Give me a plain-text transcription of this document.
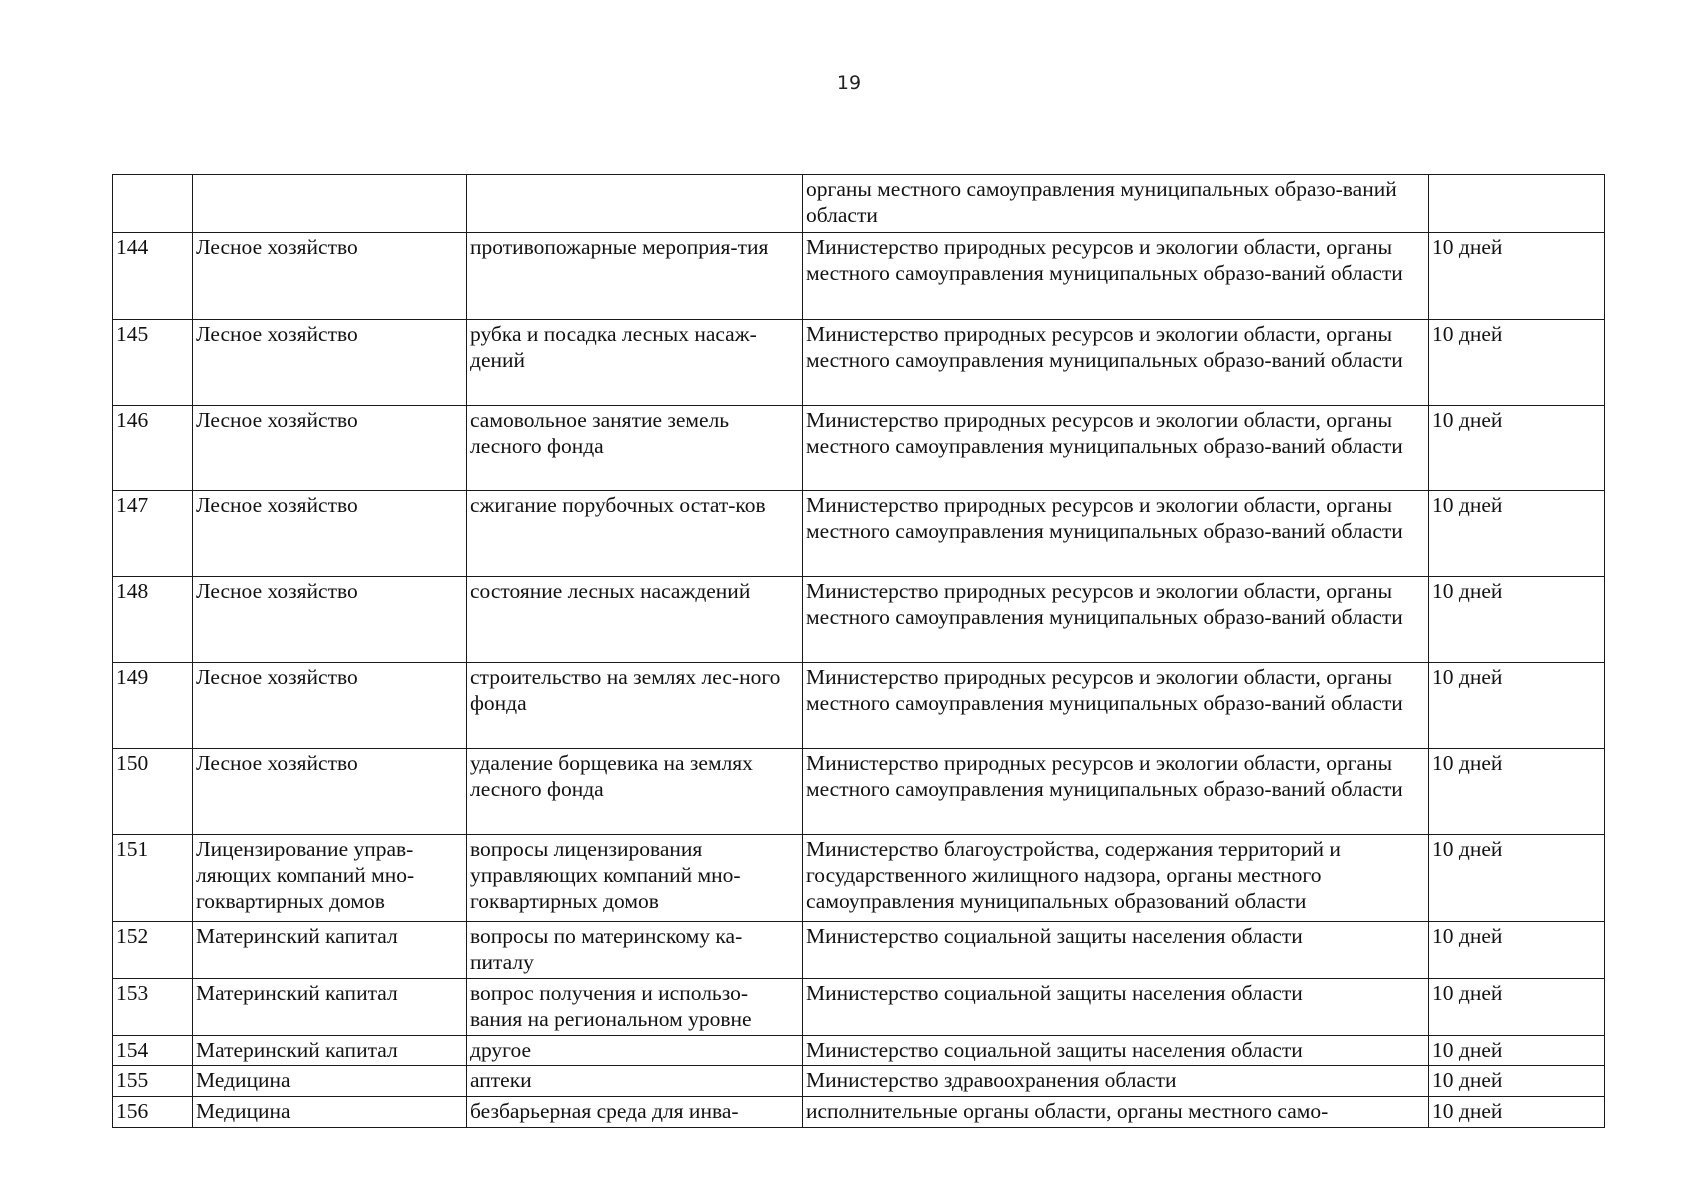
19
			органы местного самоуправления муниципальных образо-ваний области	
144	Лесное хозяйство	противопожарные мероприя-тия	Министерство природных ресурсов и экологии области, органы местного самоуправления муниципальных образо-ваний области	10 дней
145	Лесное хозяйство	рубка и посадка лесных насаж-дений	Министерство природных ресурсов и экологии области, органы местного самоуправления муниципальных образо-ваний области	10 дней
146	Лесное хозяйство	самовольное занятие земель лесного фонда	Министерство природных ресурсов и экологии области, органы местного самоуправления муниципальных образо-ваний области	10 дней
147	Лесное хозяйство	сжигание порубочных остат-ков	Министерство природных ресурсов и экологии области, органы местного самоуправления муниципальных образо-ваний области	10 дней
148	Лесное хозяйство	состояние лесных насаждений	Министерство природных ресурсов и экологии области, органы местного самоуправления муниципальных образо-ваний области	10 дней
149	Лесное хозяйство	строительство на землях лес-ного фонда	Министерство природных ресурсов и экологии области, органы местного самоуправления муниципальных образо-ваний области	10 дней
150	Лесное хозяйство	удаление борщевика на землях лесного фонда	Министерство природных ресурсов и экологии области, органы местного самоуправления муниципальных образо-ваний области	10 дней
151	Лицензирование управ-ляющих компаний мно-гоквартирных домов	вопросы лицензирования управляющих компаний мно-гоквартирных домов	Министерство благоустройства, содержания территорий и государственного жилищного надзора, органы местного самоуправления муниципальных образований области	10 дней
152	Материнский капитал	вопросы по материнскому ка-питалу	Министерство социальной защиты населения области	10 дней
153	Материнский капитал	вопрос получения и использо-вания на региональном уровне	Министерство социальной защиты населения области	10 дней
154	Материнский капитал	другое	Министерство социальной защиты населения области	10 дней
155	Медицина	аптеки	Министерство здравоохранения области	10 дней
156	Медицина	безбарьерная среда для инва-	исполнительные органы области, органы местного само-	10 дней
